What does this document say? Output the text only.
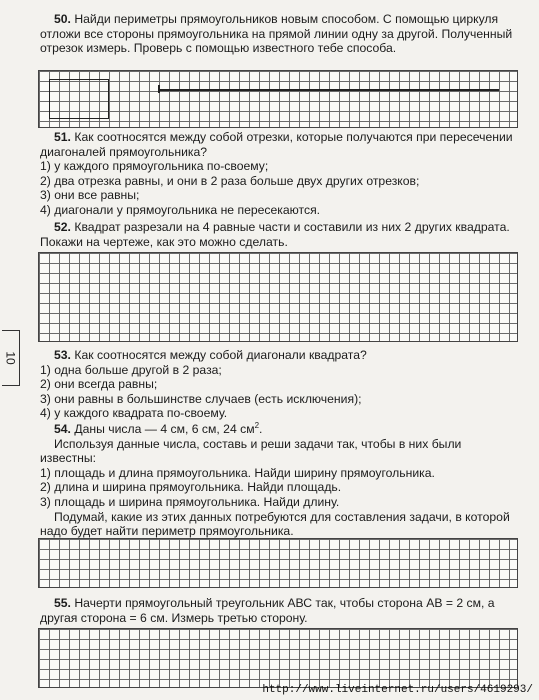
10

50. Найди периметры прямоугольников новым способом. С помощью циркуля отложи все стороны прямоугольника на прямой линии одну за другой. Полученный отрезок измерь. Проверь с помощью известного тебе способа.

51. Как соотносятся между собой отрезки, которые получаются при пересечении диагоналей прямоугольника?

1) у каждого прямоугольника по-своему;

2) два отрезка равны, и они в 2 раза больше двух других отрезков;

3) они все равны;

4) диагонали у прямоугольника не пересекаются.

52. Квадрат разрезали на 4 равные части и составили из них 2 других квадрата. Покажи на чертеже, как это можно сделать.

53. Как соотносятся между собой диагонали квадрата?

1) одна больше другой в 2 раза;

2) они всегда равны;

3) они равны в большинстве случаев (есть исключения);

4) у каждого квадрата по-своему.

54. Даны числа — 4 см, 6 см, 24 $см^2$.

Используя данные числа, составь и реши задачи так, чтобы в них были известны:

1) площадь и длина прямоугольника. Найди ширину прямоугольника.

2) длина и ширина прямоугольника. Найди площадь.

3) площадь и ширина прямоугольника. Найди длину.

Подумай, какие из этих данных потребуются для составления задачи, в которой надо будет найти периметр прямоугольника.

55. Начерти прямоугольный треугольник АВС так, чтобы сторона АВ = 2 см, а другая сторона = 6 см. Измерь третью сторону.

http://www.liveinternet.ru/users/4619293/
